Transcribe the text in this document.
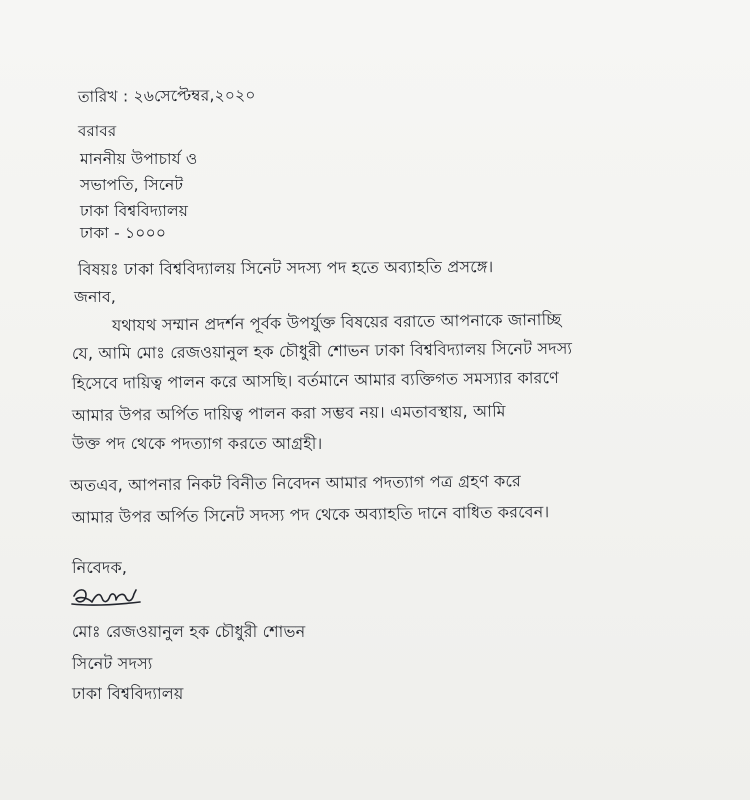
তারিখ : ২৬সেপ্টেম্বর,২০২০
বরাবর
মাননীয় উপাচার্য ও
সভাপতি, সিনেট
ঢাকা বিশ্ববিদ্যালয়
ঢাকা - ১০০০
বিষয়ঃ ঢাকা বিশ্ববিদ্যালয় সিনেট সদস্য পদ হতে অব্যাহতি প্রসঙ্গে।
জনাব,
যথাযথ সম্মান প্রদর্শন পূর্বক উপর্যুক্ত বিষয়ের বরাতে আপনাকে জানাচ্ছি
যে, আমি মোঃ রেজওয়ানুল হক চৌধুরী শোভন ঢাকা বিশ্ববিদ্যালয় সিনেট সদস্য
হিসেবে দায়িত্ব পালন করে আসছি। বর্তমানে আমার ব্যক্তিগত সমস্যার কারণে
আমার উপর অর্পিত দায়িত্ব পালন করা সম্ভব নয়। এমতাবস্থায়, আমি
উক্ত পদ থেকে পদত্যাগ করতে আগ্রহী।
অতএব, আপনার নিকট বিনীত নিবেদন আমার পদত্যাগ পত্র গ্রহণ করে
আমার উপর অর্পিত সিনেট সদস্য পদ থেকে অব্যাহতি দানে বাধিত করবেন।
নিবেদক,
মোঃ রেজওয়ানুল হক চৌধুরী শোভন
সিনেট সদস্য
ঢাকা বিশ্ববিদ্যালয়
